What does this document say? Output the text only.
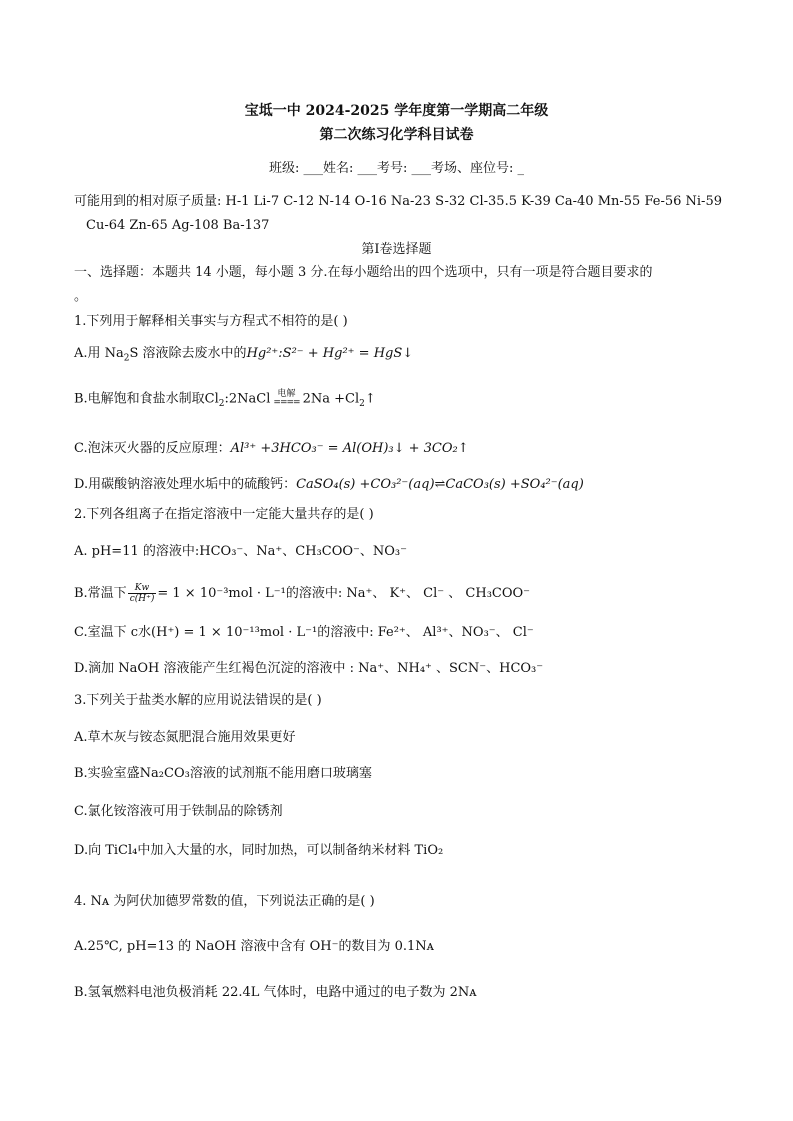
宝坻一中 2024-2025 学年度第一学期高二年级
第二次练习化学科目试卷
班级: ___姓名: ___考号: ___考场、座位号: _
可能用到的相对原子质量: H-1 Li-7 C-12 N-14 O-16 Na-23 S-32 Cl-35.5 K-39 Ca-40 Mn-55 Fe-56 Ni-59
Cu-64 Zn-65 Ag-108 Ba-137
第Ⅰ卷选择题
一、选择题：本题共 14 小题，每小题 3 分.在每小题给出的四个选项中，只有一项是符合题目要求的
。
1.下列用于解释相关事实与方程式不相符的是( )
A.用 $Na_2S$ 溶液除去废水中的Hg²⁺:S²⁻ + Hg²⁺ = HgS↓
B.电解饱和食盐水制取$Cl_2:2NaCl$ 电解
==== $2Na +Cl_2↑$
C.泡沫灭火器的反应原理：Al³⁺ +3HCO₃⁻ = Al(OH)₃↓ + 3CO₂↑
D.用碳酸钠溶液处理水垢中的硫酸钙：CaSO₄(s) +CO₃²⁻(aq)⇌CaCO₃(s) +SO₄²⁻(aq)
2.下列各组离子在指定溶液中一定能大量共存的是( )
A. pH=11 的溶液中:HCO₃⁻、Na⁺、CH₃COO⁻、NO₃⁻
B.常温下 $\frac{Kw}{c(H^+)} = 1 \times 10^{-3}mol \cdot L^{-1}$的溶液中: Na⁺、 K⁺、 Cl⁻ 、 CH₃COO⁻
C.室温下 c水(H⁺) = 1 × 10⁻¹³mol · L⁻¹的溶液中: Fe²⁺、 Al³⁺、NO₃⁻、 Cl⁻
D.滴加 NaOH 溶液能产生红褐色沉淀的溶液中 : Na⁺、NH₄⁺ 、SCN⁻、HCO₃⁻
3.下列关于盐类水解的应用说法错误的是( )
A.草木灰与铵态氮肥混合施用效果更好
B.实验室盛Na₂CO₃溶液的试剂瓶不能用磨口玻璃塞
C.氯化铵溶液可用于铁制品的除锈剂
D.向 TiCl₄中加入大量的水，同时加热，可以制备纳米材料 TiO₂
4. Nᴀ 为阿伏加德罗常数的值，下列说法正确的是( )
A.25℃, pH=13 的 NaOH 溶液中含有 OH⁻的数目为 0.1Nᴀ
B.氢氧燃料电池负极消耗 22.4L 气体时，电路中通过的电子数为 2Nᴀ
